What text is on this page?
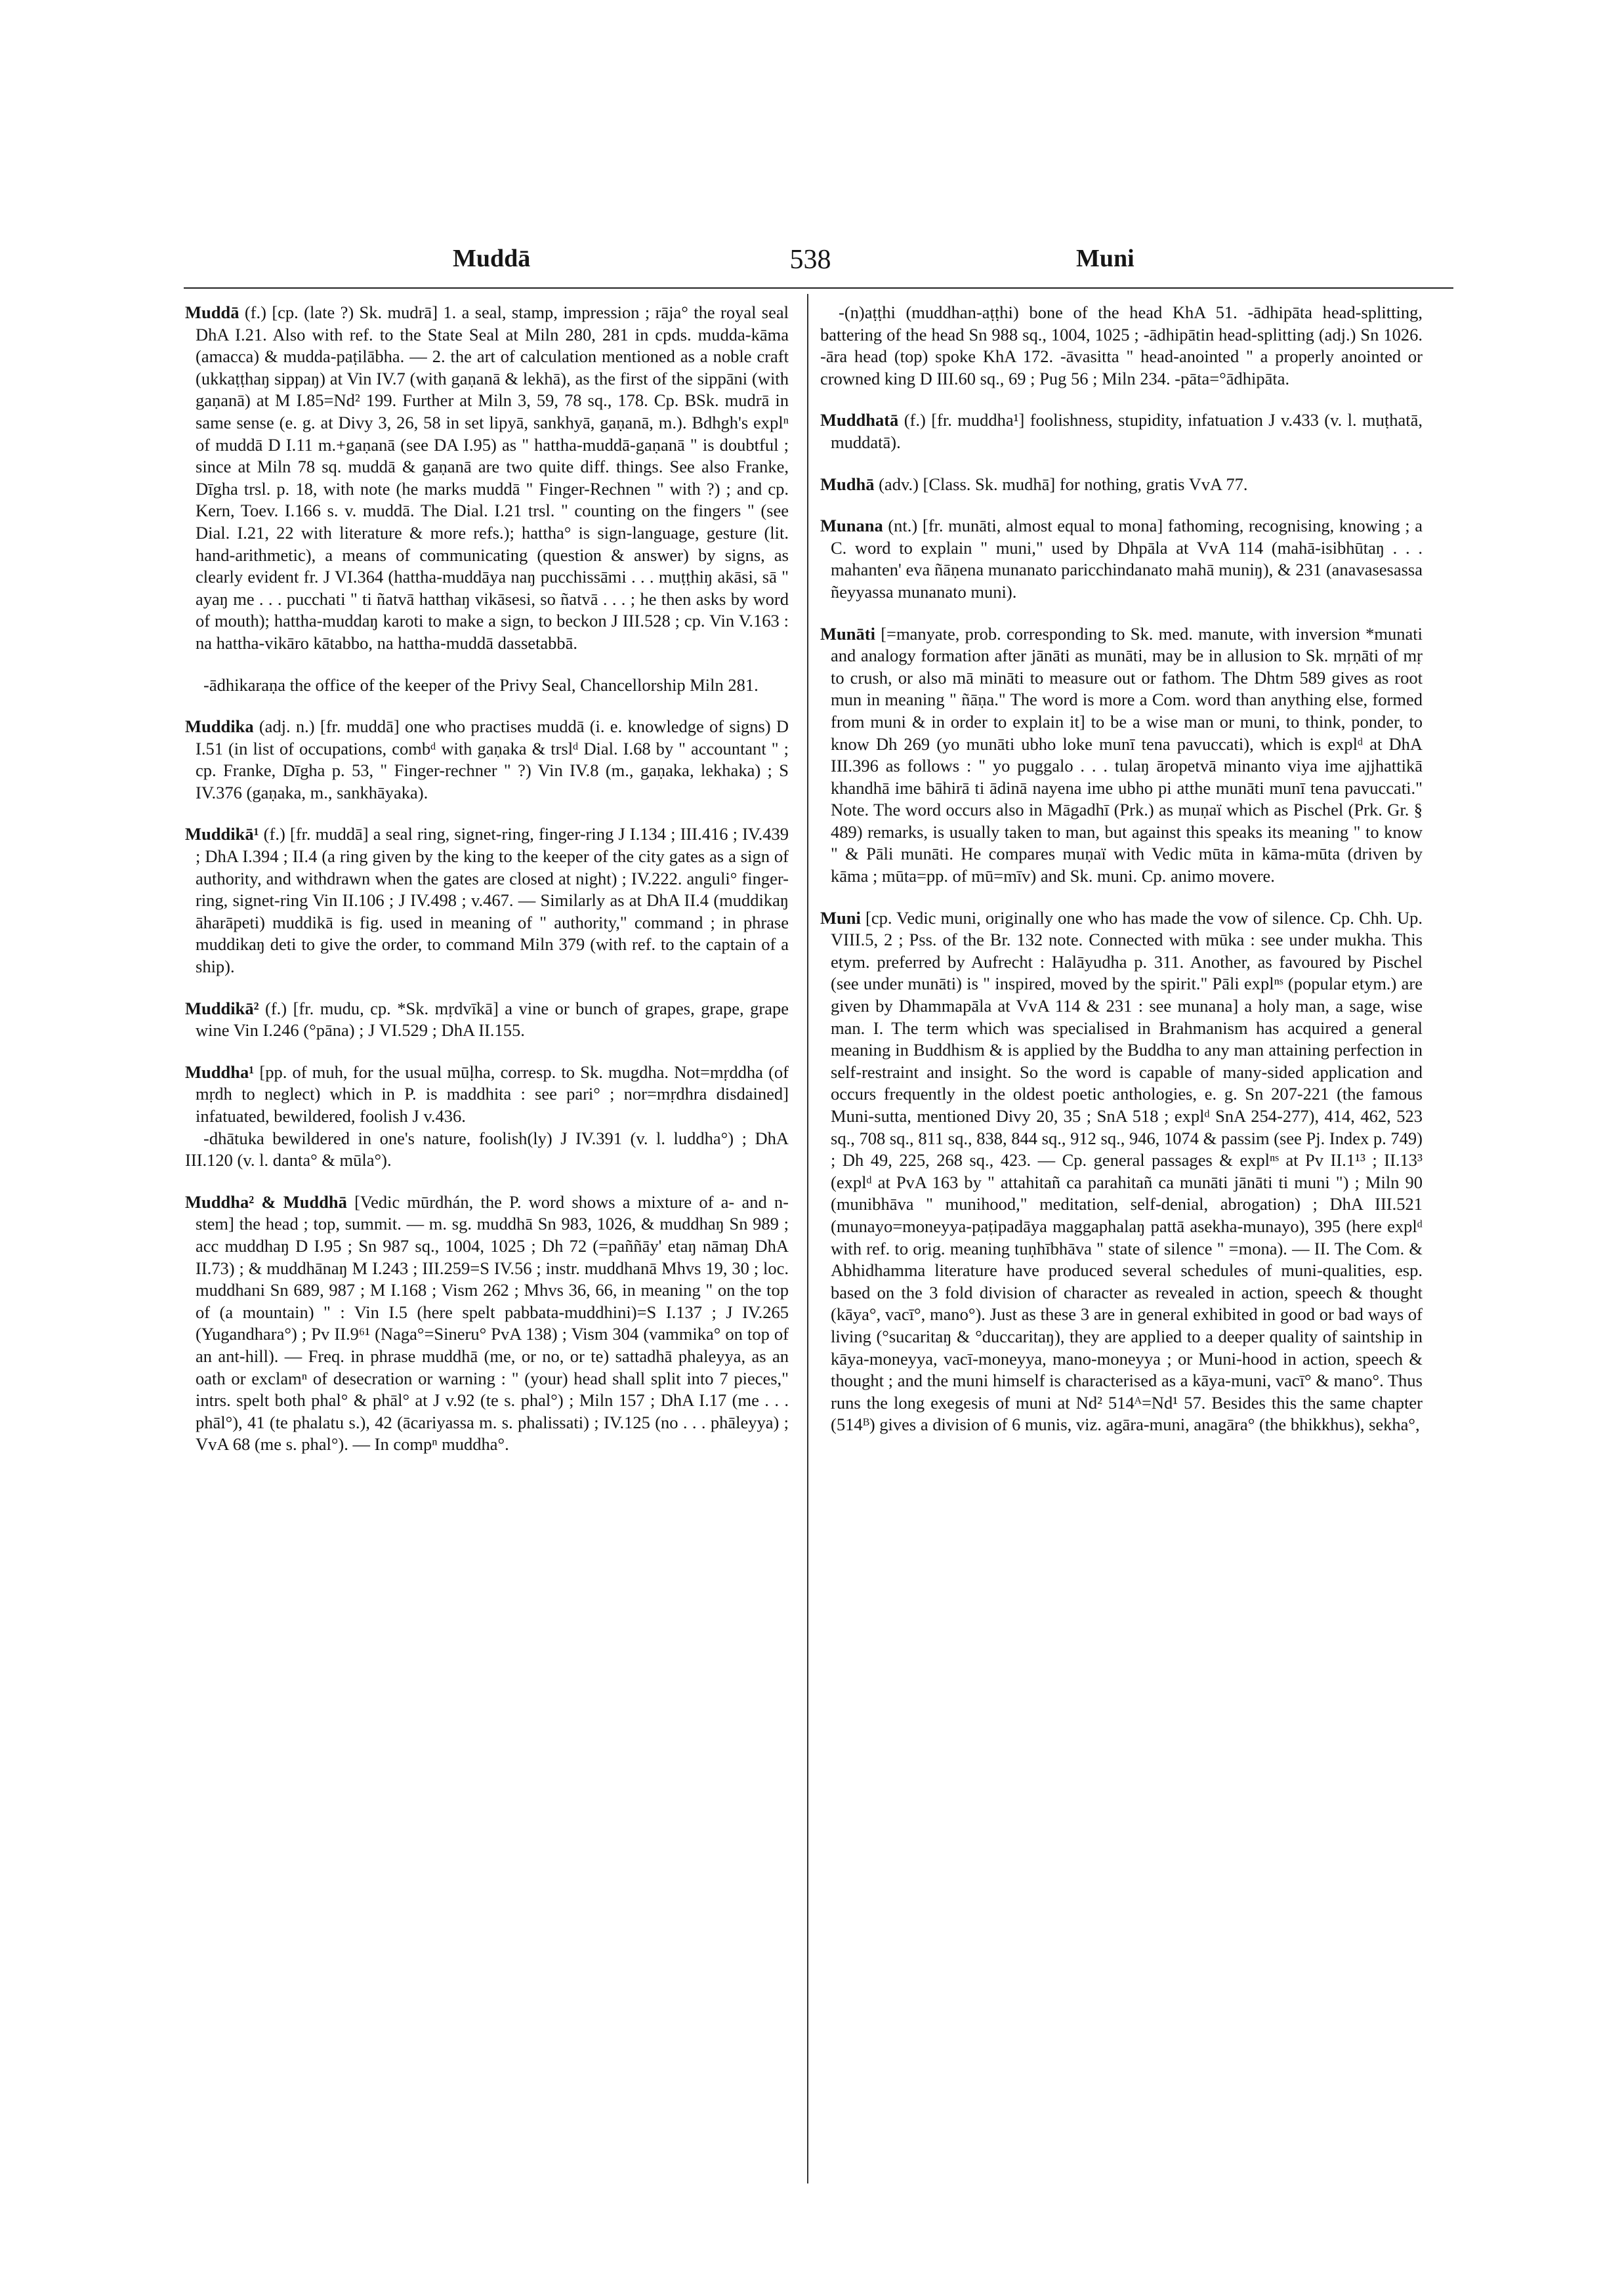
Muddā	538	Muni

Muddā (f.) [cp. (late ?) Sk. mudrā] 1. a seal, stamp, impression ; rāja° the royal seal DhA I.21. Also with ref. to the State Seal at Miln 280, 281 in cpds. mudda-kāma (amacca) & mudda-paṭilābha. — 2. the art of calculation mentioned as a noble craft (ukkaṭṭhaŋ sippaŋ) at Vin IV.7 (with gaṇanā & lekhā), as the first of the sippāni (with gaṇanā) at M I.85=Nd² 199. Further at Miln 3, 59, 78 sq., 178. Cp. BSk. mudrā in same sense (e. g. at Divy 3, 26, 58 in set lipyā, sankhyā, gaṇanā, m.). Bdhgh's explⁿ of muddā D I.11 m.+gaṇanā (see DA I.95) as " hattha-muddā-gaṇanā " is doubtful ; since at Miln 78 sq. muddā & gaṇanā are two quite diff. things. See also Franke, Dīgha trsl. p. 18, with note (he marks muddā " Finger-Rechnen " with ?) ; and cp. Kern, Toev. I.166 s. v. muddā. The Dial. I.21 trsl. " counting on the fingers " (see Dial. I.21, 22 with literature & more refs.); hattha° is sign-language, gesture (lit. hand-arithmetic), a means of communicating (question & answer) by signs, as clearly evident fr. J VI.364 (hattha-muddāya naŋ pucchissāmi . . . muṭṭhiŋ akāsi, sā " ayaŋ me . . . pucchati " ti ñatvā hatthaŋ vikāsesi, so ñatvā . . . ; he then asks by word of mouth); hattha-muddaŋ karoti to make a sign, to beckon J III.528 ; cp. Vin V.163 : na hattha-vikāro kātabbo, na hattha-muddā dassetabbā.

-ādhikaraṇa the office of the keeper of the Privy Seal, Chancellorship Miln 281.

Muddika (adj. n.) [fr. muddā] one who practises muddā (i. e. knowledge of signs) D I.51 (in list of occupations, combᵈ with gaṇaka & trslᵈ Dial. I.68 by " accountant " ; cp. Franke, Dīgha p. 53, " Finger-rechner " ?) Vin IV.8 (m., gaṇaka, lekhaka) ; S IV.376 (gaṇaka, m., sankhāyaka).

Muddikā¹ (f.) [fr. muddā] a seal ring, signet-ring, finger-ring J I.134 ; III.416 ; IV.439 ; DhA I.394 ; II.4 (a ring given by the king to the keeper of the city gates as a sign of authority, and withdrawn when the gates are closed at night) ; IV.222. anguli° finger-ring, signet-ring Vin II.106 ; J IV.498 ; v.467. — Similarly as at DhA II.4 (muddikaŋ āharāpeti) muddikā is fig. used in meaning of " authority," command ; in phrase muddikaŋ deti to give the order, to command Miln 379 (with ref. to the captain of a ship).

Muddikā² (f.) [fr. mudu, cp. *Sk. mṛdvīkā] a vine or bunch of grapes, grape, grape wine Vin I.246 (°pāna) ; J VI.529 ; DhA II.155.

Muddha¹ [pp. of muh, for the usual mūḷha, corresp. to Sk. mugdha. Not=mṛddha (of mṛdh to neglect) which in P. is maddhita : see pari° ; nor=mṛdhra disdained] infatuated, bewildered, foolish J v.436.

-dhātuka bewildered in one's nature, foolish(ly) J IV.391 (v. l. luddha°) ; DhA III.120 (v. l. danta° & mūla°).

Muddha² & Muddhā [Vedic mūrdhán, the P. word shows a mixture of a- and n- stem] the head ; top, summit. — m. sg. muddhā Sn 983, 1026, & muddhaŋ Sn 989 ; acc muddhaŋ D I.95 ; Sn 987 sq., 1004, 1025 ; Dh 72 (=paññāy' etaŋ nāmaŋ DhA II.73) ; & muddhānaŋ M I.243 ; III.259=S IV.56 ; instr. muddhanā Mhvs 19, 30 ; loc. muddhani Sn 689, 987 ; M I.168 ; Vism 262 ; Mhvs 36, 66, in meaning " on the top of (a mountain) " : Vin I.5 (here spelt pabbata-muddhini)=S I.137 ; J IV.265 (Yugandhara°) ; Pv II.9⁶¹ (Naga°=Sineru° PvA 138) ; Vism 304 (vammika° on top of an ant-hill). — Freq. in phrase muddhā (me, or no, or te) sattadhā phaleyya, as an oath or exclamⁿ of desecration or warning : " (your) head shall split into 7 pieces," intrs. spelt both phal° & phāl° at J v.92 (te s. phal°) ; Miln 157 ; DhA I.17 (me . . . phāl°), 41 (te phalatu s.), 42 (ācariyassa m. s. phalissati) ; IV.125 (no . . . phāleyya) ; VvA 68 (me s. phal°). — In compⁿ muddha°.

-(n)aṭṭhi (muddhan-aṭṭhi) bone of the head KhA 51. -ādhipāta head-splitting, battering of the head Sn 988 sq., 1004, 1025 ; -ādhipātin head-splitting (adj.) Sn 1026. -āra head (top) spoke KhA 172. -āvasitta " head-anointed " a properly anointed or crowned king D III.60 sq., 69 ; Pug 56 ; Miln 234. -pāta=°ādhipāta.

Muddhatā (f.) [fr. muddha¹] foolishness, stupidity, infatuation J v.433 (v. l. muṭhatā, muddatā).

Mudhā (adv.) [Class. Sk. mudhā] for nothing, gratis VvA 77.

Munana (nt.) [fr. munāti, almost equal to mona] fathoming, recognising, knowing ; a C. word to explain " muni," used by Dhpāla at VvA 114 (mahā-isibhūtaŋ . . . mahanten' eva ñāṇena munanato paricchindanato mahā muniŋ), & 231 (anavasesassa ñeyyassa munanato muni).

Munāti [=manyate, prob. corresponding to Sk. med. manute, with inversion *munati and analogy formation after jānāti as munāti, may be in allusion to Sk. mṛṇāti of mṛ to crush, or also mā mināti to measure out or fathom. The Dhtm 589 gives as root mun in meaning " ñāṇa." The word is more a Com. word than anything else, formed from muni & in order to explain it] to be a wise man or muni, to think, ponder, to know Dh 269 (yo munāti ubho loke munī tena pavuccati), which is explᵈ at DhA III.396 as follows : " yo puggalo . . . tulaŋ āropetvā minanto viya ime ajjhattikā khandhā ime bāhirā ti ādinā nayena ime ubho pi atthe munāti munī tena pavuccati." Note. The word occurs also in Māgadhī (Prk.) as muṇaï which as Pischel (Prk. Gr. § 489) remarks, is usually taken to man, but against this speaks its meaning " to know " & Pāli munāti. He compares muṇaï with Vedic mūta in kāma-mūta (driven by kāma ; mūta=pp. of mū=mīv) and Sk. muni. Cp. animo movere.

Muni [cp. Vedic muni, originally one who has made the vow of silence. Cp. Chh. Up. VIII.5, 2 ; Pss. of the Br. 132 note. Connected with mūka : see under mukha. This etym. preferred by Aufrecht : Halāyudha p. 311. Another, as favoured by Pischel (see under munāti) is " inspired, moved by the spirit." Pāli explⁿˢ (popular etym.) are given by Dhammapāla at VvA 114 & 231 : see munana] a holy man, a sage, wise man. I. The term which was specialised in Brahmanism has acquired a general meaning in Buddhism & is applied by the Buddha to any man attaining perfection in self-restraint and insight. So the word is capable of many-sided application and occurs frequently in the oldest poetic anthologies, e. g. Sn 207-221 (the famous Muni-sutta, mentioned Divy 20, 35 ; SnA 518 ; explᵈ SnA 254-277), 414, 462, 523 sq., 708 sq., 811 sq., 838, 844 sq., 912 sq., 946, 1074 & passim (see Pj. Index p. 749) ; Dh 49, 225, 268 sq., 423. — Cp. general passages & explⁿˢ at Pv II.1¹³ ; II.13³ (explᵈ at PvA 163 by " attahitañ ca parahitañ ca munāti jānāti ti muni ") ; Miln 90 (munibhāva " munihood," meditation, self-denial, abrogation) ; DhA III.521 (munayo=moneyya-paṭipadāya maggaphalaŋ pattā asekha-munayo), 395 (here explᵈ with ref. to orig. meaning tuṇhībhāva " state of silence " =mona). — II. The Com. & Abhidhamma literature have produced several schedules of muni-qualities, esp. based on the 3 fold division of character as revealed in action, speech & thought (kāya°, vacī°, mano°). Just as these 3 are in general exhibited in good or bad ways of living (°sucaritaŋ & °duccaritaŋ), they are applied to a deeper quality of saintship in kāya-moneyya, vacī-moneyya, mano-moneyya ; or Muni-hood in action, speech & thought ; and the muni himself is characterised as a kāya-muni, vacī° & mano°. Thus runs the long exegesis of muni at Nd² 514ᴬ=Nd¹ 57. Besides this the same chapter (514ᴮ) gives a division of 6 munis, viz. agāra-muni, anagāra° (the bhikkhus), sekha°,
